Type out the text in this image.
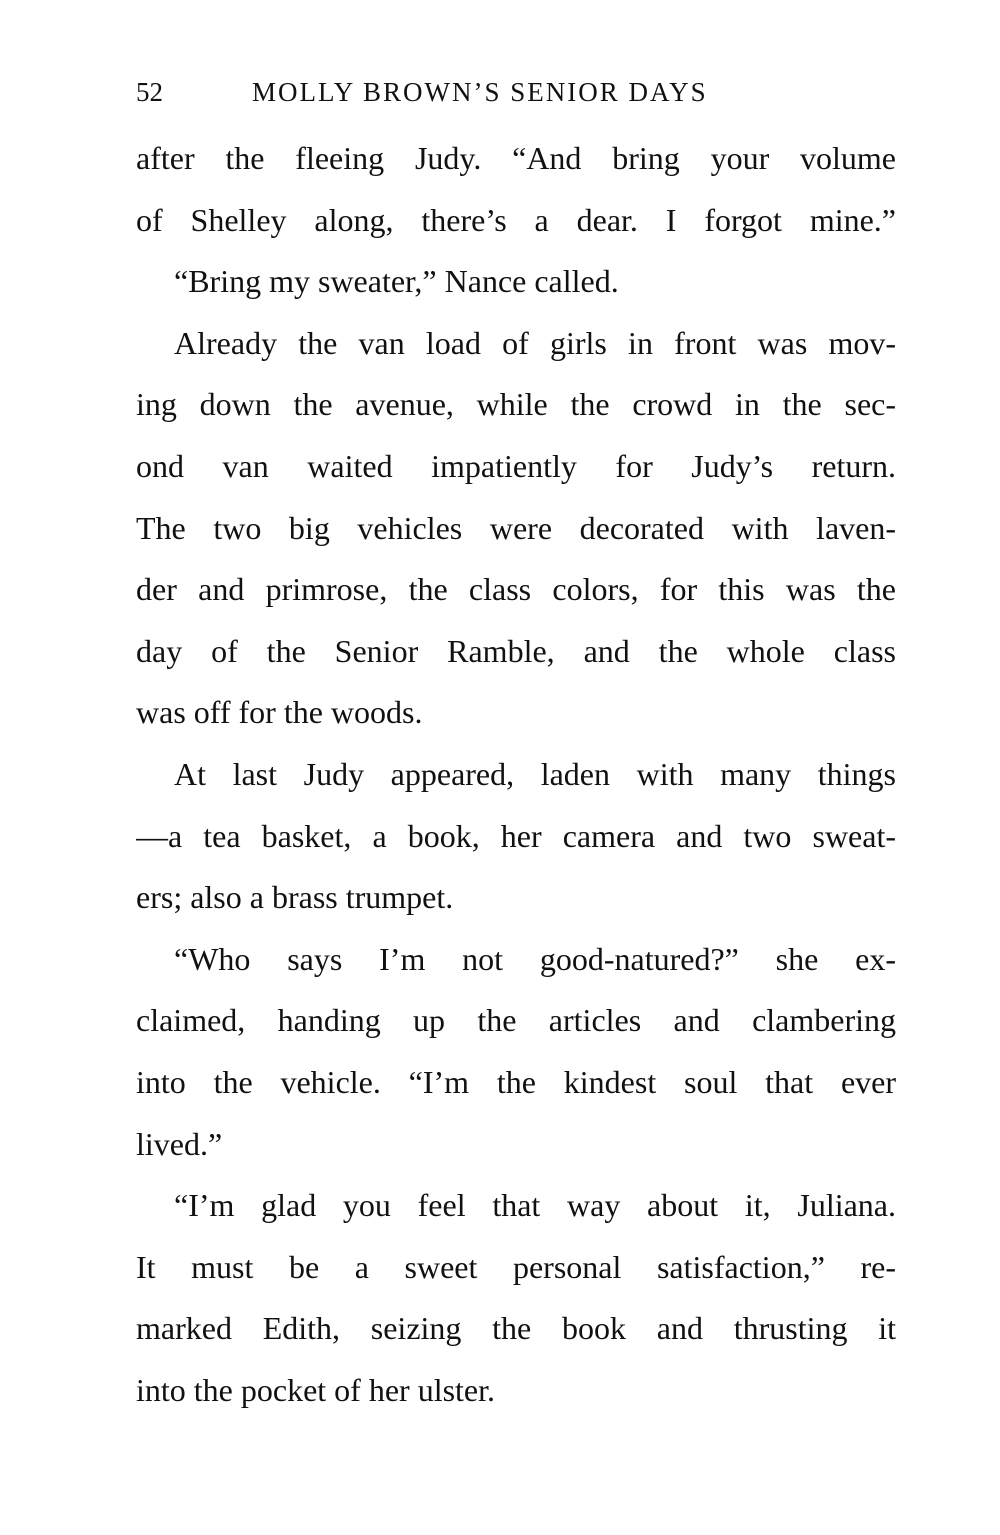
52	MOLLY BROWN’S SENIOR DAYS
after the fleeing Judy. “And bring your volume
of Shelley along, there’s a dear. I forgot mine.”
“Bring my sweater,” Nance called.
Already the van load of girls in front was mov-
ing down the avenue, while the crowd in the sec-
ond van waited impatiently for Judy’s return.
The two big vehicles were decorated with laven-
der and primrose, the class colors, for this was the
day of the Senior Ramble, and the whole class
was off for the woods.
At last Judy appeared, laden with many things
—a tea basket, a book, her camera and two sweat-
ers; also a brass trumpet.
“Who says I’m not good-natured?” she ex-
claimed, handing up the articles and clambering
into the vehicle. “I’m the kindest soul that ever
lived.”
“I’m glad you feel that way about it, Juliana.
It must be a sweet personal satisfaction,” re-
marked Edith, seizing the book and thrusting it
into the pocket of her ulster.
